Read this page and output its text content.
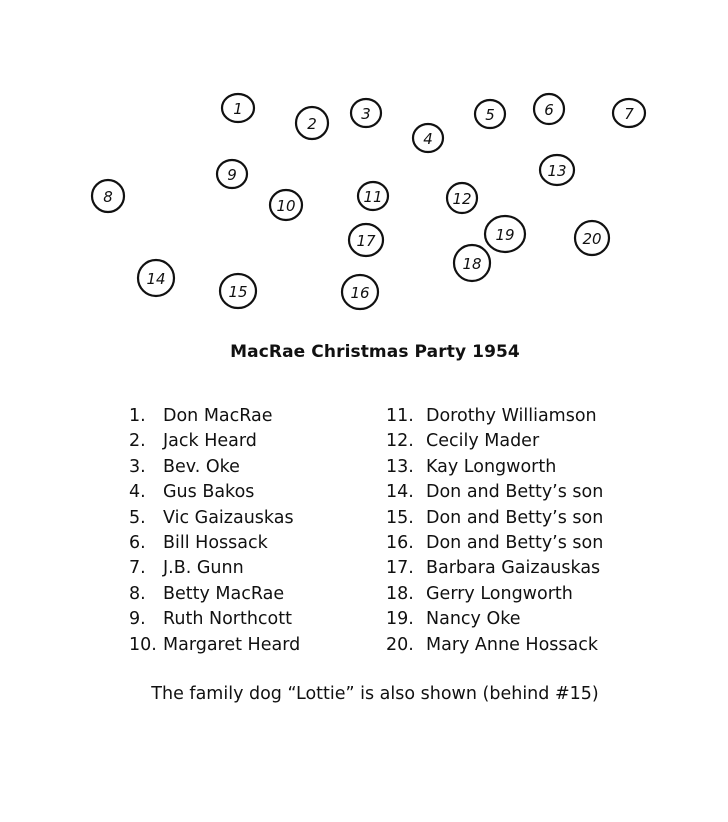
1
2
3
4
5	6	7
8
9
10	11	12
13
14
15	16
17
18
19	20
MacRae Christmas Party 1954
1. Don MacRae
2. Jack Heard
3. Bev. Oke
4. Gus Bakos
5. Vic Gaizauskas
6. Bill Hossack
7. J.B. Gunn
8. Betty MacRae
9. Ruth Northcott
10. Margaret Heard
11. Dorothy Williamson
12. Cecily Mader
13. Kay Longworth
14. Don and Betty’s son
15. Don and Betty’s son
16. Don and Betty’s son
17. Barbara Gaizauskas
18. Gerry Longworth
19. Nancy Oke
20. Mary Anne Hossack
The family dog “Lottie” is also shown (behind #15)
